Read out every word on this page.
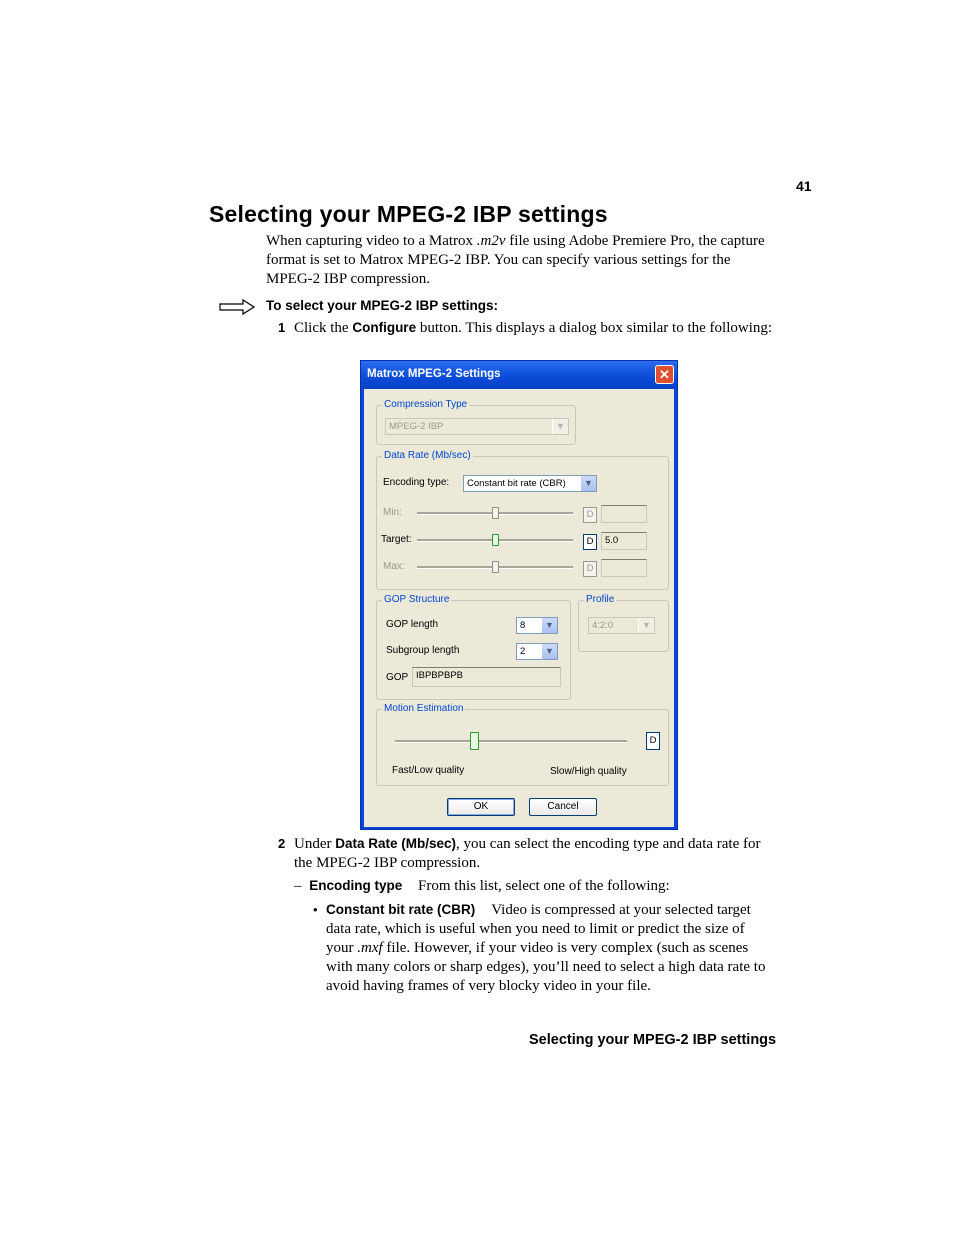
41
Selecting your MPEG-2 IBP settings
When capturing video to a Matrox .m2v file using Adobe Premiere Pro, the capture format is set to Matrox MPEG-2 IBP. You can specify various settings for the MPEG-2 IBP compression.
To select your MPEG-2 IBP settings:
1 Click the Configure button. This displays a dialog box similar to the following:
Matrox MPEG-2 Settings	✕
Compression Type
MPEG-2 IBP	▼
Data Rate (Mb/sec)
Encoding type: Constant bit rate (CBR)	▼
Min:	D
Target:	D	5.0
Max:	D
GOP Structure
GOP length	8	▼
Subgroup length	2	▼
GOP IBPBPBPB
Profile
4:2:0	▼
Motion Estimation
D
Fast/Low quality	Slow/High quality
OK	Cancel
2 Under Data Rate (Mb/sec), you can select the encoding type and data rate for the MPEG-2 IBP compression.
– Encoding type From this list, select one of the following:
• Constant bit rate (CBR) Video is compressed at your selected target data rate, which is useful when you need to limit or predict the size of your .mxf file. However, if your video is very complex (such as scenes with many colors or sharp edges), you’ll need to select a high data rate to avoid having frames of very blocky video in your file.
Selecting your MPEG-2 IBP settings
